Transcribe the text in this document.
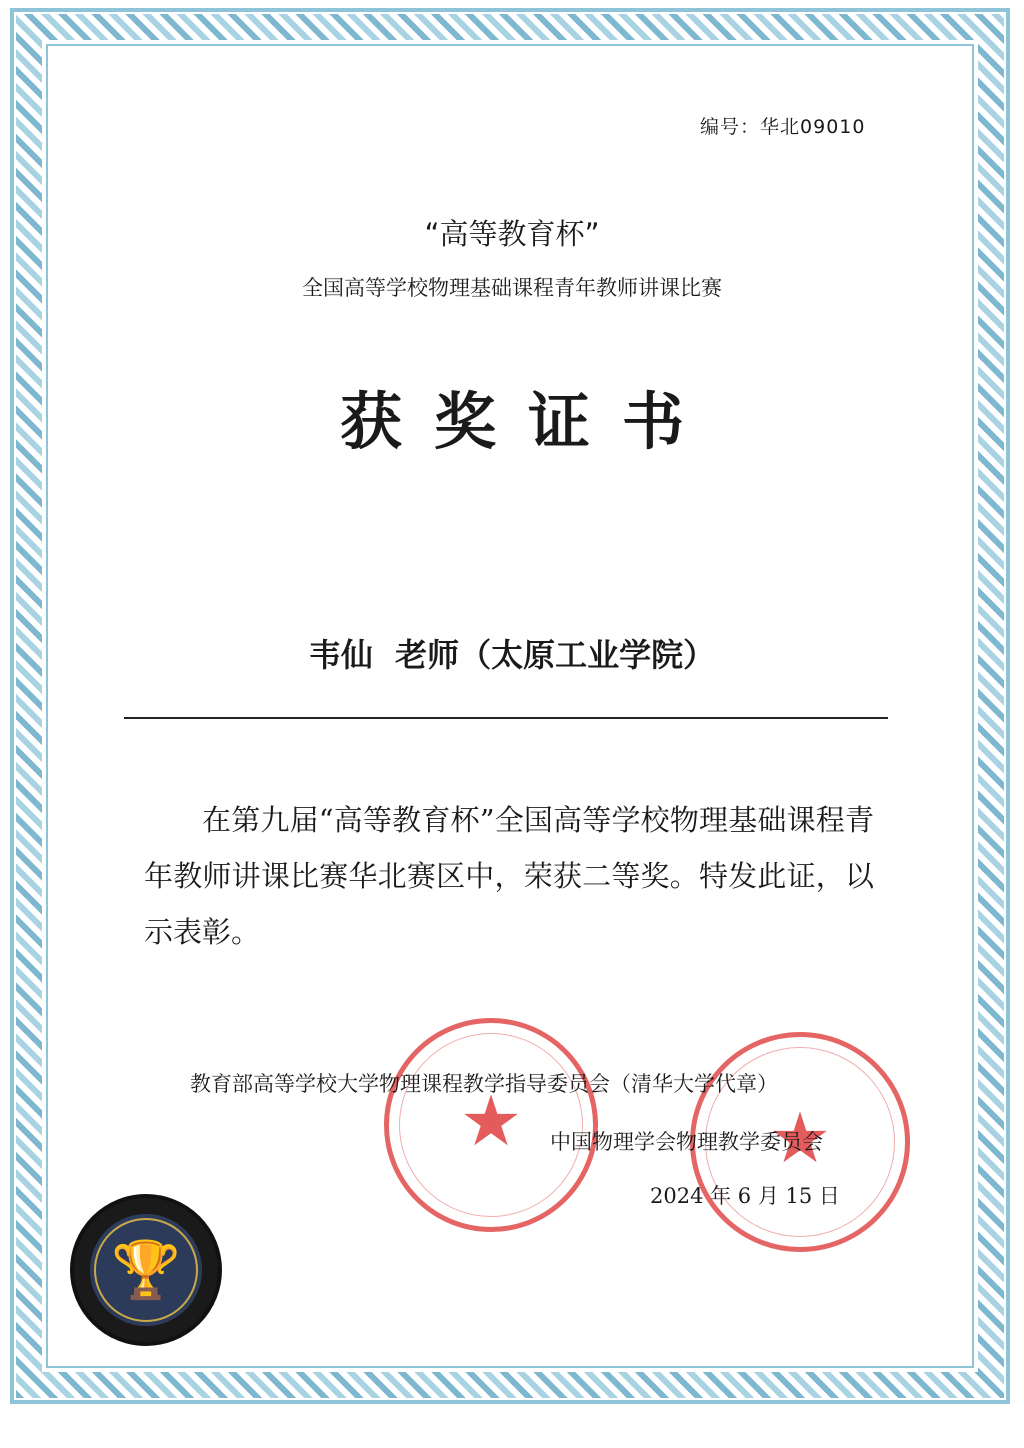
编号：华北09010
“高等教育杯”
全国高等学校物理基础课程青年教师讲课比赛
获奖证书
韦仙 老师（太原工业学院）
在第九届“高等教育杯”全国高等学校物理基础课程青年教师讲课比赛华北赛区中，荣获二等奖。特发此证，以示表彰。
★	★
教育部高等学校大学物理课程教学指导委员会（清华大学代章）
中国物理学会物理教学委员会
2024 年 6 月 15 日
🏆
